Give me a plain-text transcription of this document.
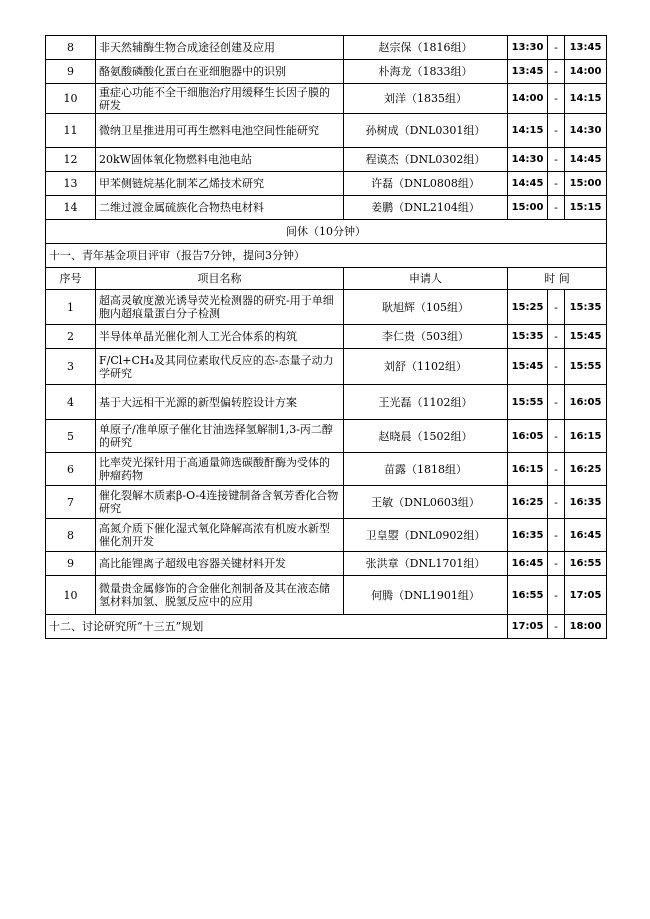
8	非天然辅酶生物合成途径创建及应用	赵宗保（1816组）	13:30	-	13:45
9	酪氨酸磷酸化蛋白在亚细胞器中的识别	朴海龙（1833组）	13:45	-	14:00
10	重症心功能不全干细胞治疗用缓释生长因子膜的研发	刘洋（1835组）	14:00	-	14:15
11	微纳卫星推进用可再生燃料电池空间性能研究	孙树成（DNL0301组）	14:15	-	14:30
12	20kW固体氧化物燃料电池电站	程谟杰（DNL0302组）	14:30	-	14:45
13	甲苯侧链烷基化制苯乙烯技术研究	许磊（DNL0808组）	14:45	-	15:00
14	二维过渡金属硫族化合物热电材料	姜鹏（DNL2104组）	15:00	-	15:15
间休（10分钟）					
十一、青年基金项目评审（报告7分钟，提问3分钟）					
序号	项目名称	申请人	时 间		
1	超高灵敏度激光诱导荧光检测器的研究-用于单细胞内超痕量蛋白分子检测	耿旭辉（105组）	15:25	-	15:35
2	半导体单晶光催化剂人工光合体系的构筑	李仁贵（503组）	15:35	-	15:45
3	F/Cl+CH₄及其同位素取代反应的态-态量子动力学研究	刘舒（1102组）	15:45	-	15:55
4	基于大远相干光源的新型偏转腔设计方案	王光磊（1102组）	15:55	-	16:05
5	单原子/准单原子催化甘油选择氢解制1,3-丙二醇的研究	赵晓晨（1502组）	16:05	-	16:15
6	比率荧光探针用于高通量筛选碳酸酐酶为受体的肿瘤药物	苗露（1818组）	16:15	-	16:25
7	催化裂解木质素β-O-4连接键制备含氧芳香化合物研究	王敏（DNL0603组）	16:25	-	16:35
8	高氮介质下催化湿式氧化降解高浓有机废水新型催化剂开发	卫皇曌（DNL0902组）	16:35	-	16:45
9	高比能锂离子超级电容器关键材料开发	张洪章（DNL1701组）	16:45	-	16:55
10	微量贵金属修饰的合金催化剂制备及其在液态储氢材料加氢、脱氢反应中的应用	何腾（DNL1901组）	16:55	-	17:05
十二、讨论研究所“十三五”规划			17:05	-	18:00
